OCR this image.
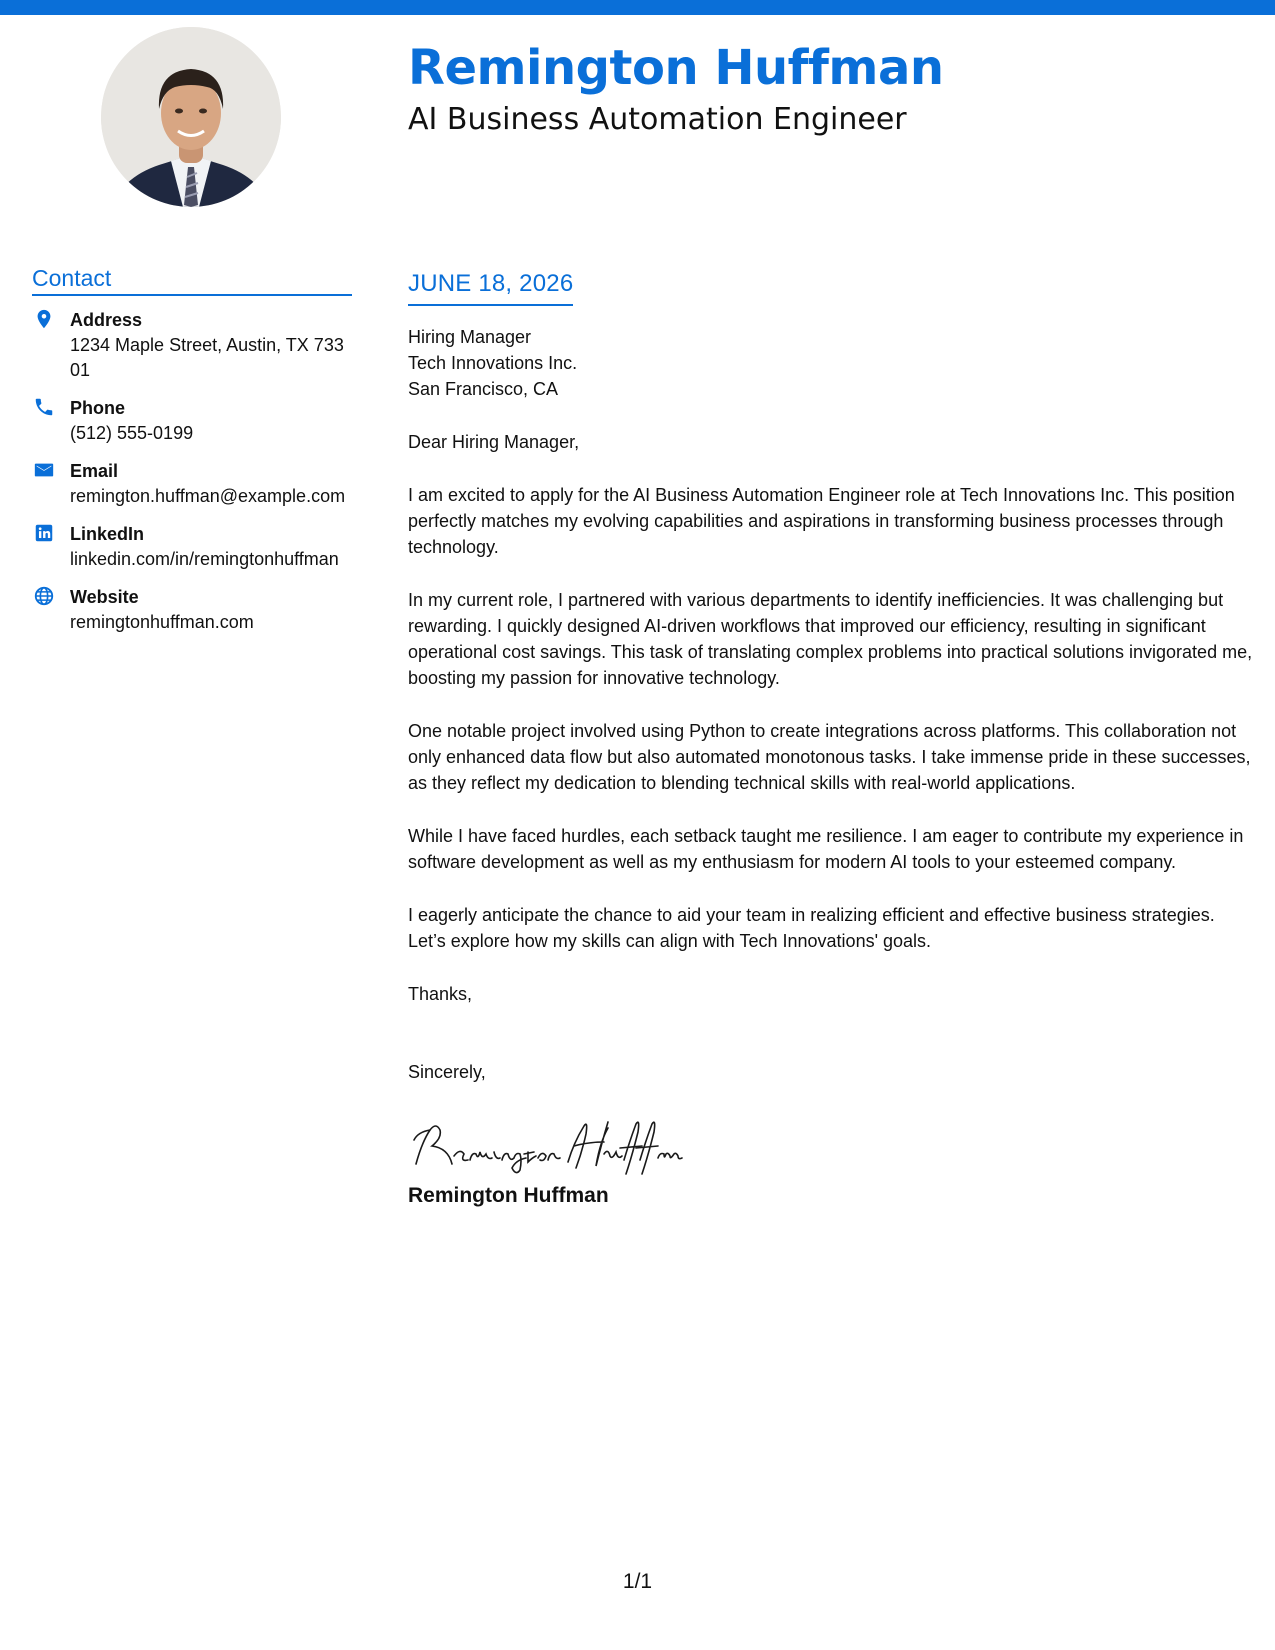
Remington Huffman
AI Business Automation Engineer
Contact
Address
1234 Maple Street, Austin, TX 73301
Phone
(512) 555-0199
Email
remington.huffman@example.com
LinkedIn
linkedin.com/in/remingtonhuffman
Website
remingtonhuffman.com
JUNE 18, 2026
Hiring Manager
Tech Innovations Inc.
San Francisco, CA

Dear Hiring Manager,

I am excited to apply for the AI Business Automation Engineer role at Tech Innovations Inc. This position perfectly matches my evolving capabilities and aspirations in transforming business processes through technology.

In my current role, I partnered with various departments to identify inefficiencies. It was challenging but rewarding. I quickly designed AI-driven workflows that improved our efficiency, resulting in significant operational cost savings. This task of translating complex problems into practical solutions invigorated me, boosting my passion for innovative technology.

One notable project involved using Python to create integrations across platforms. This collaboration not only enhanced data flow but also automated monotonous tasks. I take immense pride in these successes, as they reflect my dedication to blending technical skills with real-world applications.

While I have faced hurdles, each setback taught me resilience. I am eager to contribute my experience in software development as well as my enthusiasm for modern AI tools to your esteemed company.

I eagerly anticipate the chance to aid your team in realizing efficient and effective business strategies. Let’s explore how my skills can align with Tech Innovations' goals.

Thanks,

Sincerely,
Remington Huffman
1/1
